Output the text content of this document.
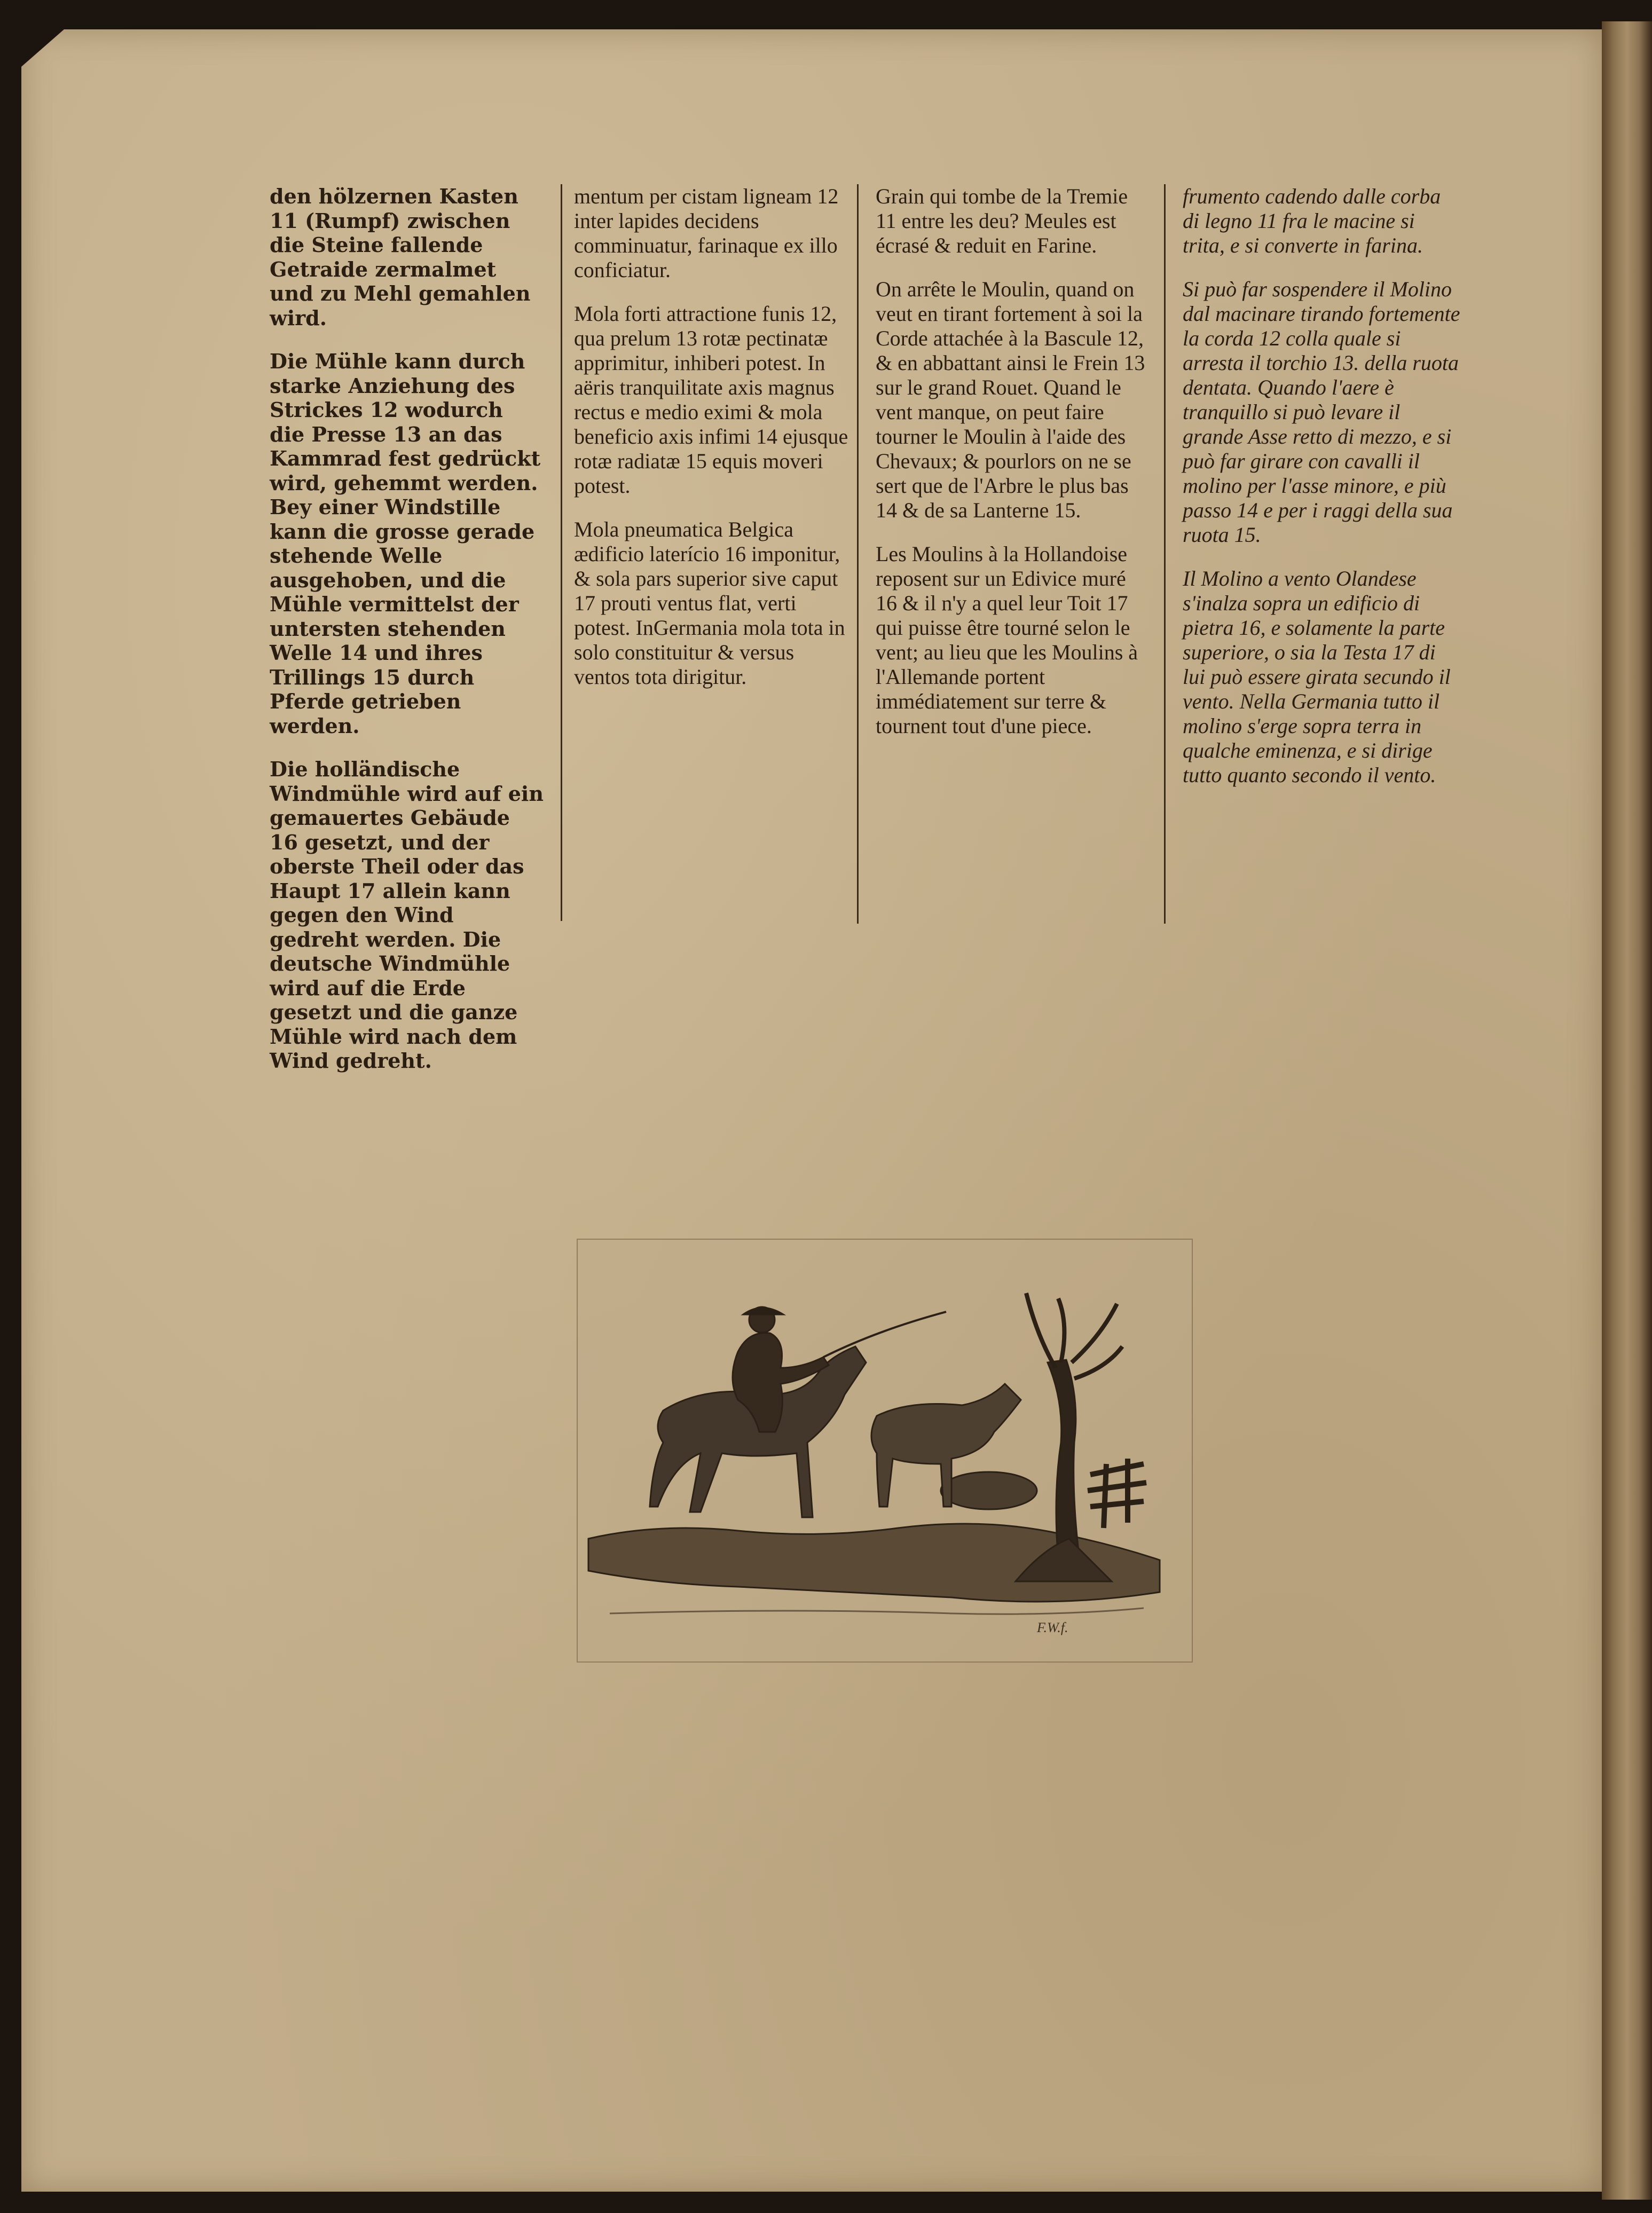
den hölzernen Kasten 11 (Rumpf) zwischen die Steine fallende Getraide zermalmet und zu Mehl gemahlen wird.

Die Mühle kann durch starke Anziehung des Strickes 12 wodurch die Presse 13 an das Kammrad fest gedrückt wird, gehemmt werden. Bey einer Windstille kann die grosse gerade stehende Welle ausgehoben, und die Mühle vermittelst der untersten stehenden Welle 14 und ihres Trillings 15 durch Pferde getrieben werden.

Die holländische Windmühle wird auf ein gemauertes Gebäude 16 gesetzt, und der oberste Theil oder das Haupt 17 allein kann gegen den Wind gedreht werden. Die deutsche Windmühle wird auf die Erde gesetzt und die ganze Mühle wird nach dem Wind gedreht.

mentum per cistam ligneam 12 inter lapides decidens comminuatur, farinaque ex illo conficiatur.

Mola forti attractione funis 12, qua prelum 13 rotæ pectinatæ apprimitur, inhiberi potest. In aëris tranquilitate axis magnus rectus e medio eximi & mola beneficio axis infimi 14 ejusque rotæ radiatæ 15 equis moveri potest.

Mola pneumatica Belgica ædificio laterício 16 imponitur, & sola pars superior sive caput 17 prouti ventus flat, verti potest. InGermania mola tota in solo constituitur & versus ventos tota dirigitur.

Grain qui tombe de la Tremie 11 entre les deu? Meules est écrasé & reduit en Farine.

On arrête le Moulin, quand on veut en tirant fortement à soi la Corde attachée à la Bascule 12, & en abbattant ainsi le Frein 13 sur le grand Rouet. Quand le vent manque, on peut faire tourner le Moulin à l'aide des Chevaux; & pourlors on ne se sert que de l'Arbre le plus bas 14 & de sa Lanterne 15.

Les Moulins à la Hollandoise reposent sur un Edivice muré 16 & il n'y a quel leur Toit 17 qui puisse être tourné selon le vent; au lieu que les Moulins à l'Allemande portent immédiatement sur terre & tournent tout d'une piece.

frumento cadendo dalle corba di legno 11 fra le macine si trita, e si converte in farina.

Si può far sospendere il Molino dal macinare tirando fortemente la corda 12 colla quale si arresta il torchio 13. della ruota dentata. Quando l'aere è tranquillo si può levare il grande Asse retto di mezzo, e si può far girare con cavalli il molino per l'asse minore, e più passo 14 e per i raggi della sua ruota 15.

Il Molino a vento Olandese s'inalza sopra un edificio di pietra 16, e solamente la parte superiore, o sia la Testa 17 di lui può essere girata secundo il vento. Nella Germania tutto il molino s'erge sopra terra in qualche eminenza, e si dirige tutto quanto secondo il vento.

F.W.f.
